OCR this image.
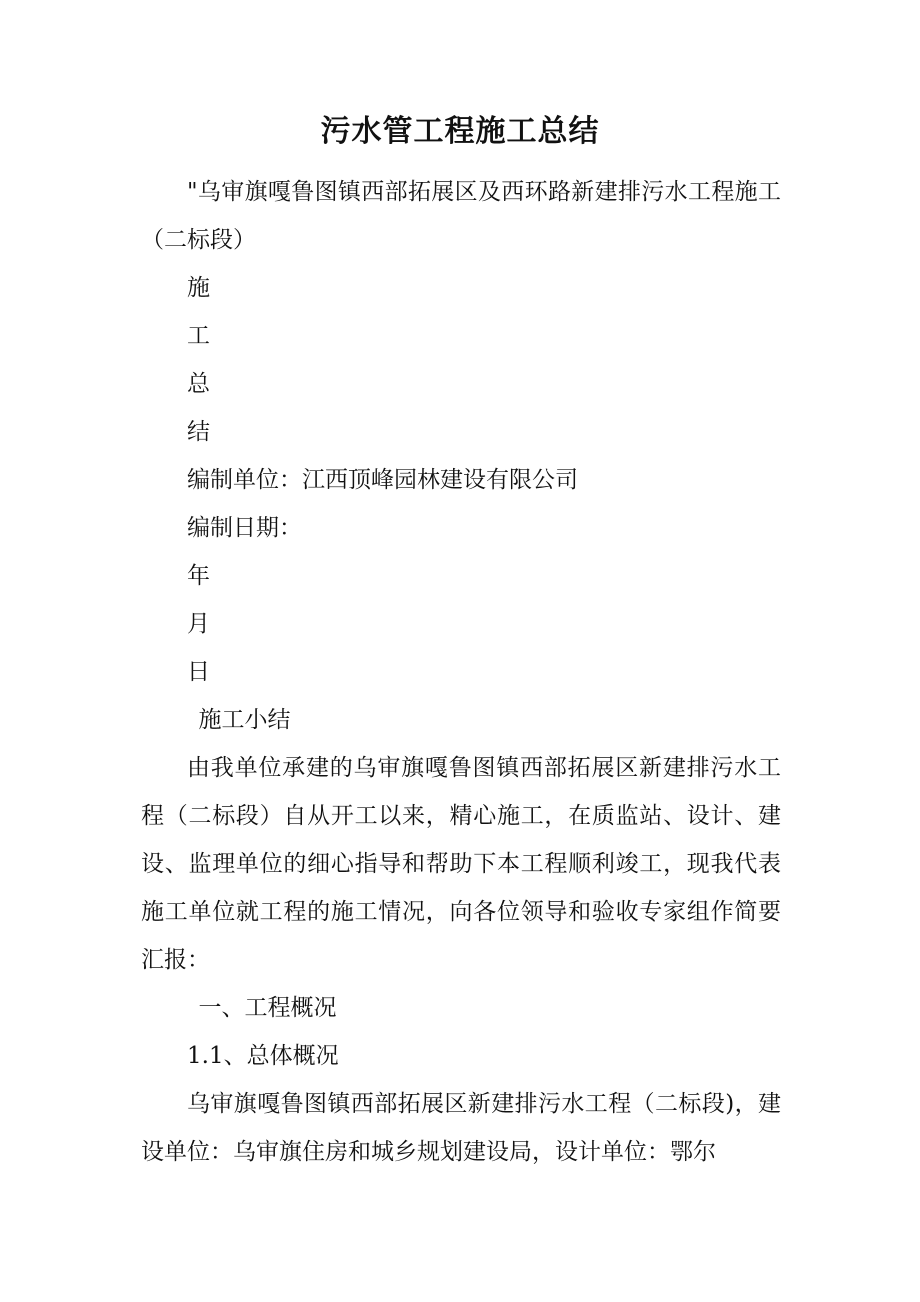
污水管工程施工总结

"乌审旗嘎鲁图镇西部拓展区及西环路新建排污水工程施工（二标段）

施

工

总

结

编制单位：江西顶峰园林建设有限公司

编制日期：

年

月

日

施工小结

由我单位承建的乌审旗嘎鲁图镇西部拓展区新建排污水工程（二标段）自从开工以来，精心施工，在质监站、设计、建设、监理单位的细心指导和帮助下本工程顺利竣工，现我代表施工单位就工程的施工情况，向各位领导和验收专家组作简要汇报：

一、工程概况

1.1、总体概况

乌审旗嘎鲁图镇西部拓展区新建排污水工程（二标段)，建设单位：乌审旗住房和城乡规划建设局，设计单位：鄂尔
